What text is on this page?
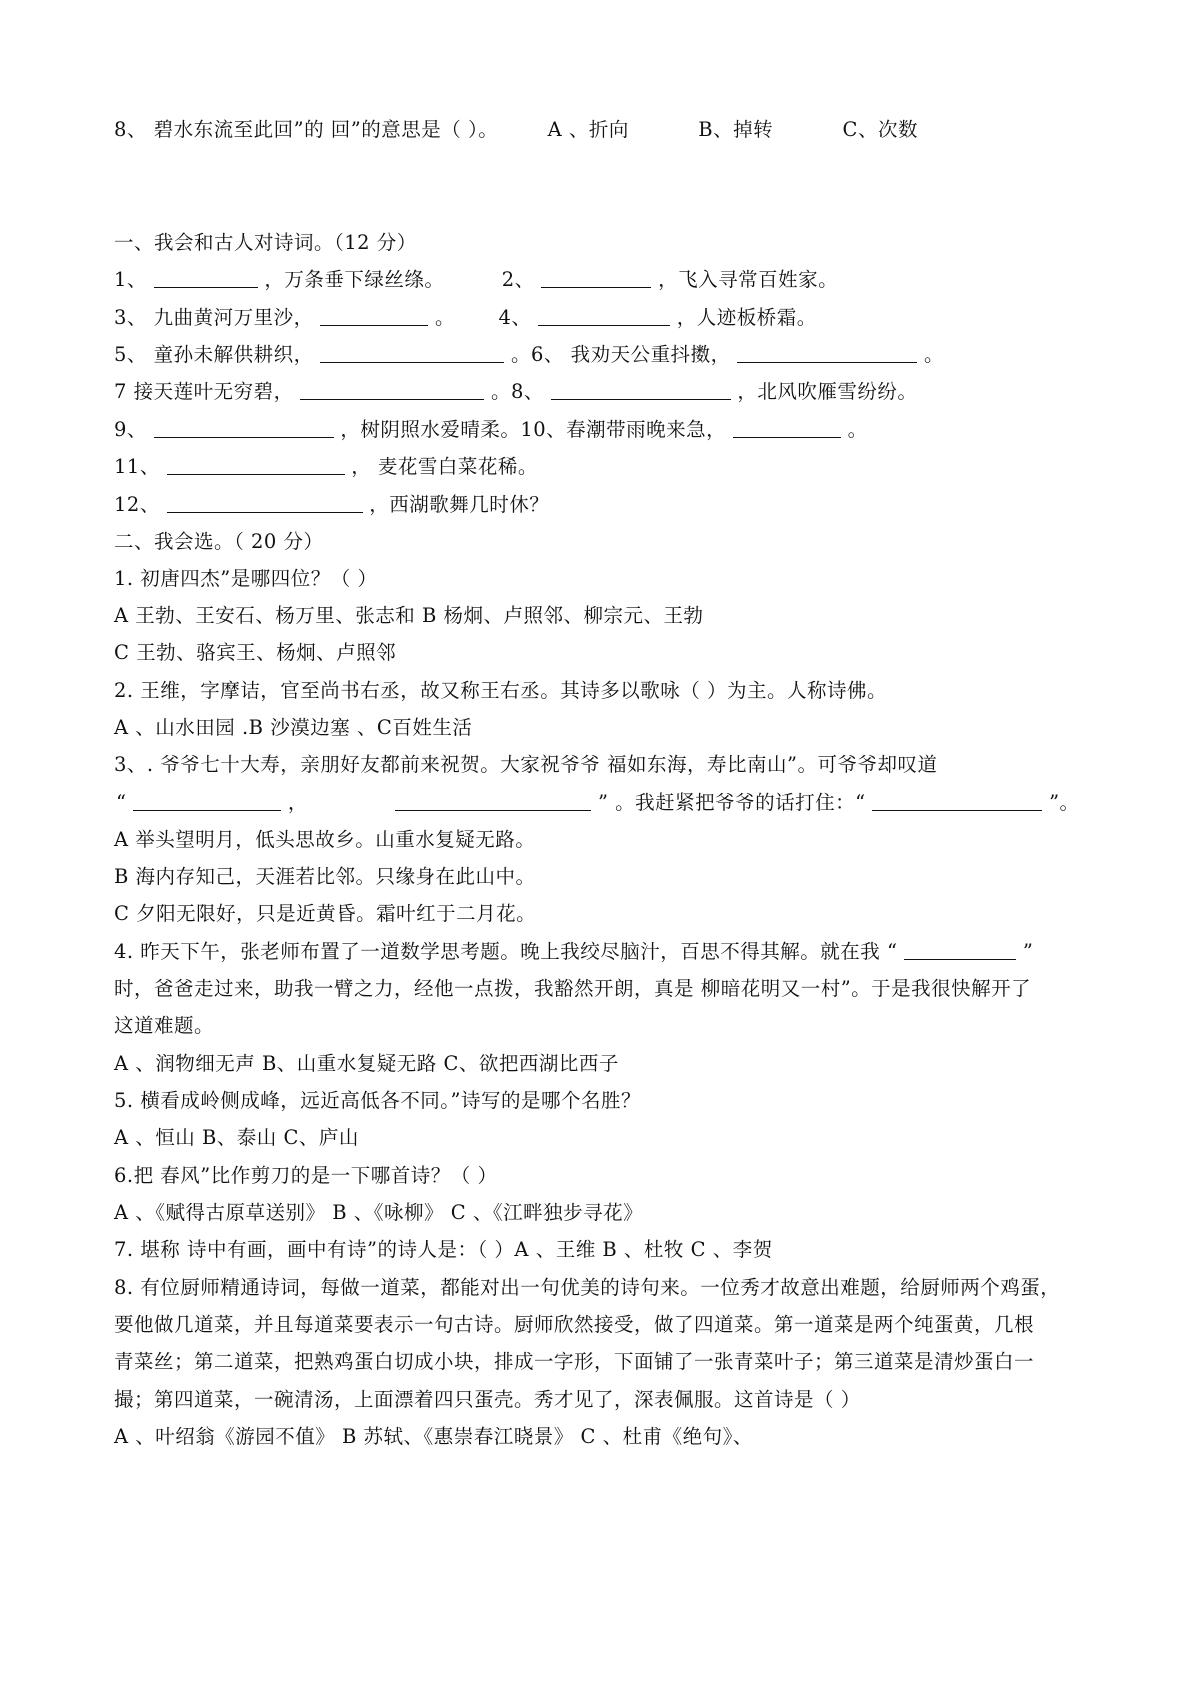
8、 碧水东流至此回”的 回”的意思是（ ）。	A 、折向	B、掉转	C、次数
一、我会和古人对诗词。（12 分）
1、	，万条垂下绿丝绦。	2、	，飞入寻常百姓家。
3、 九曲黄河万里沙，	。 4、	，人迹板桥霜。
5、 童孙未解供耕织，	。6、 我劝天公重抖擞，	。
7 接天莲叶无穷碧，	。8、	，北风吹雁雪纷纷。
9、	，树阴照水爱晴柔。10、春潮带雨晚来急，	。
11、	， 麦花雪白菜花稀。
12、	，西湖歌舞几时休？
二、我会选。（ 20 分）
1. 初唐四杰”是哪四位？（ ）
A 王勃、王安石、杨万里、张志和 B 杨炯、卢照邻、柳宗元、王勃
C 王勃、骆宾王、杨炯、卢照邻
2. 王维，字摩诘，官至尚书右丞，故又称王右丞。其诗多以歌咏（ ）为主。人称诗佛。
A 、山水田园 .B 沙漠边塞 、C百姓生活
3、. 爷爷七十大寿，亲朋好友都前来祝贺。大家祝爷爷 福如东海，寿比南山”。可爷爷却叹道
“	，	” 。我赶紧把爷爷的话打住：“	”。
A 举头望明月，低头思故乡。山重水复疑无路。
B 海内存知己，天涯若比邻。只缘身在此山中。
C 夕阳无限好，只是近黄昏。霜叶红于二月花。
4. 昨天下午，张老师布置了一道数学思考题。晚上我绞尽脑汁，百思不得其解。就在我 “	”
时，爸爸走过来，助我一臂之力，经他一点拨，我豁然开朗，真是 柳暗花明又一村”。于是我很快解开了
这道难题。
A 、润物细无声 B、山重水复疑无路 C、欲把西湖比西子
5. 横看成岭侧成峰，远近高低各不同。”诗写的是哪个名胜？
A 、恒山 B、泰山 C、庐山
6.把 春风”比作剪刀的是一下哪首诗？（ ）
A 、《赋得古原草送别》 B 、《咏柳》 C 、《江畔独步寻花》
7. 堪称 诗中有画，画中有诗”的诗人是：（ ）A 、王维 B 、杜牧 C 、李贺
8. 有位厨师精通诗词，每做一道菜，都能对出一句优美的诗句来。一位秀才故意出难题，给厨师两个鸡蛋，
要他做几道菜，并且每道菜要表示一句古诗。厨师欣然接受，做了四道菜。第一道菜是两个纯蛋黄，几根
青菜丝；第二道菜，把熟鸡蛋白切成小块，排成一字形，下面铺了一张青菜叶子；第三道菜是清炒蛋白一
撮；第四道菜，一碗清汤，上面漂着四只蛋壳。秀才见了，深表佩服。这首诗是（ ）
A 、叶绍翁《游园不值》 B 苏轼、《惠崇春江晓景》 C 、杜甫《绝句》、
